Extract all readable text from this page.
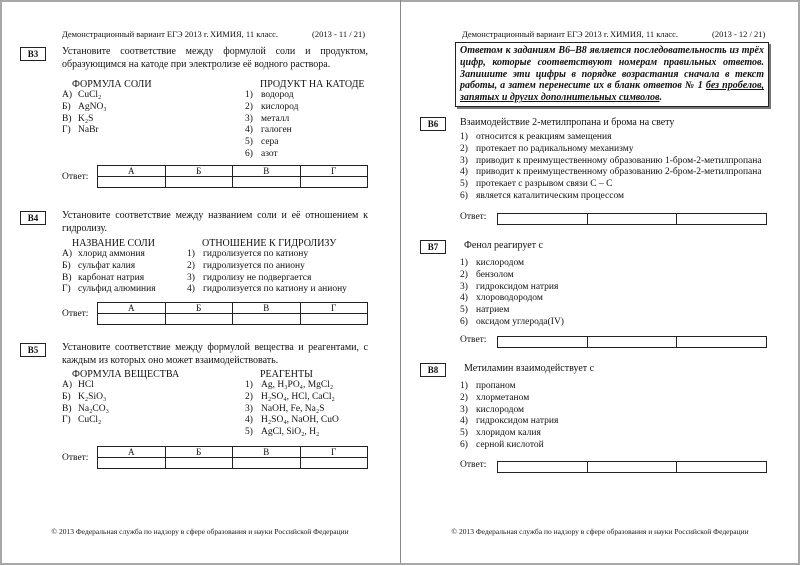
Демонстрационный вариант ЕГЭ 2013 г. ХИМИЯ, 11 класс.	(2013 - 11 / 21)
© 2013 Федеральная служба по надзору в сфере образования и науки Российской Федерации
B3	Установите соответствие между формулой соли и продуктом, образующимся на катоде при электролизе её водного раствора.
ФОРМУЛА СОЛИ	ПРОДУКТ НА КАТОДЕ
А) CuCl₂
Б) AgNO₃
В) K₂S
Г) NaBr
1) водород
2) кислород
3) металл
4) галоген
5) сера
6) азот
Ответ:
А	Б	В	Г

B4	Установите соответствие между названием соли и её отношением к гидролизу.
НАЗВАНИЕ СОЛИ	ОТНОШЕНИЕ К ГИДРОЛИЗУ
А) хлорид аммония
Б) сульфат калия
В) карбонат натрия
Г) сульфид алюминия
1) гидролизуется по катиону
2) гидролизуется по аниону
3) гидролизу не подвергается
4) гидролизуется по катиону и аниону
Ответ:
А	Б	В	Г

B5	Установите соответствие между формулой вещества и реагентами, с каждым из которых оно может взаимодействовать.
ФОРМУЛА ВЕЩЕСТВА	РЕАГЕНТЫ
А) HCl
Б) K₂SiO₃
В) Na₂CO₃
Г) CuCl₂
1) Ag, H₃PO₄, MgCl₂
2) H₂SO₄, HCl, CaCl₂
3) NaOH, Fe, Na₂S
4) H₂SO₄, NaOH, CuO
5) AgCl, SiO₂, H₂
Ответ:
А	Б	В	Г

Демонстрационный вариант ЕГЭ 2013 г. ХИМИЯ, 11 класс.	(2013 - 12 / 21)
Ответом к заданиям В6–В8 является последовательность из трёх цифр, которые соответствуют номерам правильных ответов. Запишите эти цифры в порядке возрастания сначала в текст работы, а затем перенесите их в бланк ответов № 1 без пробелов, запятых и других дополнительных символов.
© 2013 Федеральная служба по надзору в сфере образования и науки Российской Федерации
B6	Взаимодействие 2-метилпропана и брома на свету
1) относится к реакциям замещения
2) протекает по радикальному механизму
3) приводит к преимущественному образованию 1-бром-2-метилпропана
4) приводит к преимущественному образованию 2-бром-2-метилпропана
5) протекает с разрывом связи C – C
6) является каталитическим процессом
Ответ:

B7	Фенол реагирует с
1) кислородом
2) бензолом
3) гидроксидом натрия
4) хлороводородом
5) натрием
6) оксидом углерода(IV)
Ответ:

B8	Метиламин взаимодействует с
1) пропаном
2) хлорметаном
3) кислородом
4) гидроксидом натрия
5) хлоридом калия
6) серной кислотой
Ответ:
